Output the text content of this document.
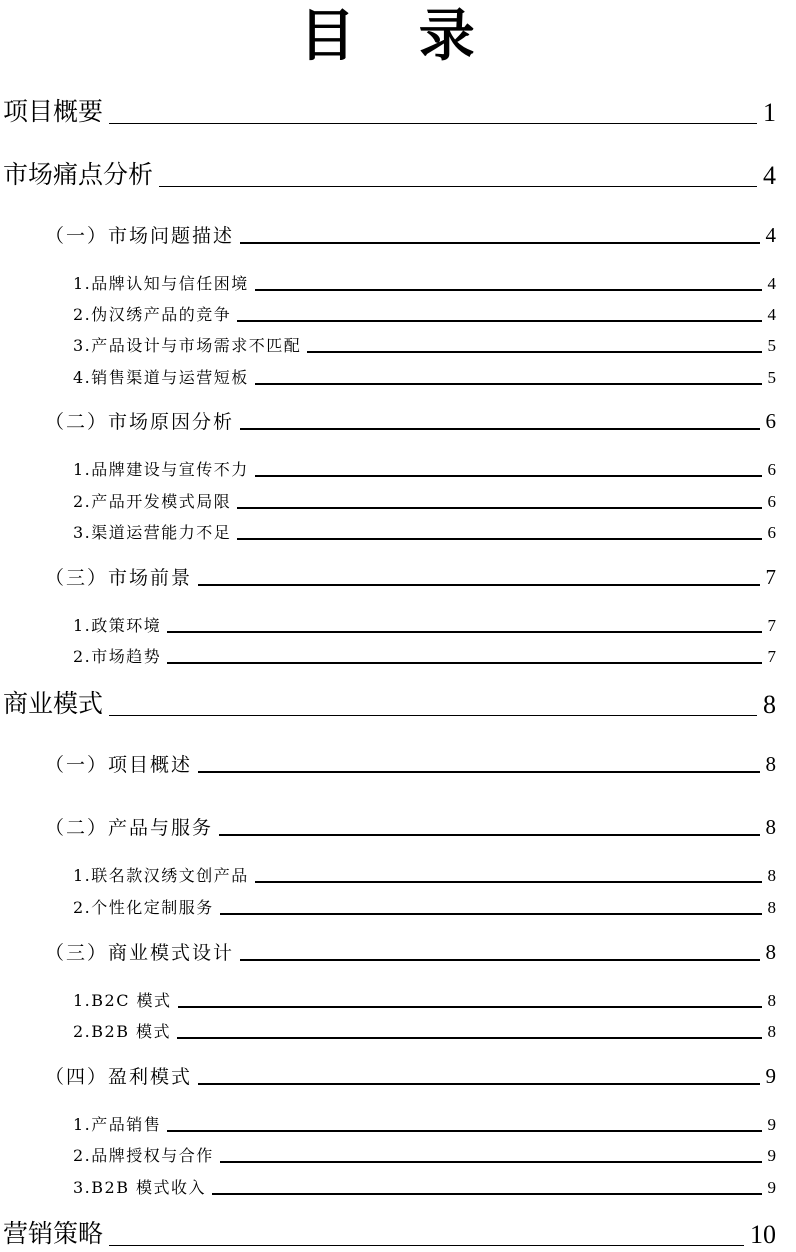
目 录
项目概要	1
市场痛点分析	4
（一）市场问题描述	4
1.品牌认知与信任困境	4
2.伪汉绣产品的竞争	4
3.产品设计与市场需求不匹配	5
4.销售渠道与运营短板	5
（二）市场原因分析	6
1.品牌建设与宣传不力	6
2.产品开发模式局限	6
3.渠道运营能力不足	6
（三）市场前景	7
1.政策环境	7
2.市场趋势	7
商业模式	8
（一）项目概述	8
（二）产品与服务	8
1.联名款汉绣文创产品	8
2.个性化定制服务	8
（三）商业模式设计	8
1.B2C 模式	8
2.B2B 模式	8
（四）盈利模式	9
1.产品销售	9
2.品牌授权与合作	9
3.B2B 模式收入	9
营销策略	10
